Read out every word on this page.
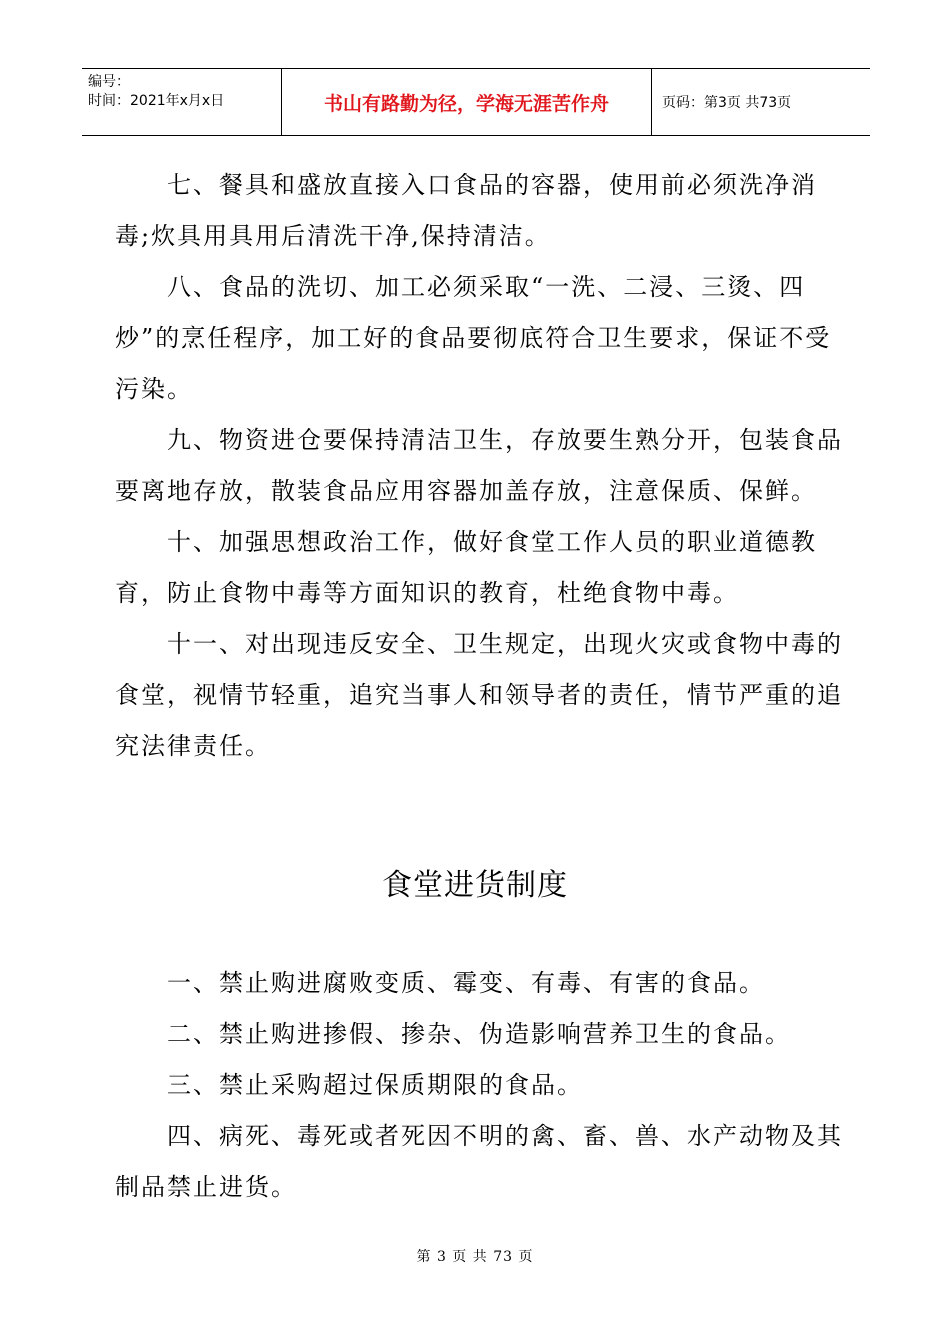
编号：
时间：2021年x月x日	书山有路勤为径，学海无涯苦作舟	页码：第3页 共73页

七、餐具和盛放直接入口食品的容器，使用前必须洗净消毒;炊具用具用后清洗干净,保持清洁。

八、食品的洗切、加工必须采取“一洗、二浸、三烫、四炒”的烹任程序，加工好的食品要彻底符合卫生要求，保证不受污染。

九、物资进仓要保持清洁卫生，存放要生熟分开，包装食品要离地存放，散装食品应用容器加盖存放，注意保质、保鲜。

十、加强思想政治工作，做好食堂工作人员的职业道德教育，防止食物中毒等方面知识的教育，杜绝食物中毒。

十一、对出现违反安全、卫生规定，出现火灾或食物中毒的食堂，视情节轻重，追究当事人和领导者的责任，情节严重的追究法律责任。

食堂进货制度

一、禁止购进腐败变质、霉变、有毒、有害的食品。

二、禁止购进掺假、掺杂、伪造影响营养卫生的食品。

三、禁止采购超过保质期限的食品。

四、病死、毒死或者死因不明的禽、畜、兽、水产动物及其制品禁止进货。

第 3 页 共 73 页
